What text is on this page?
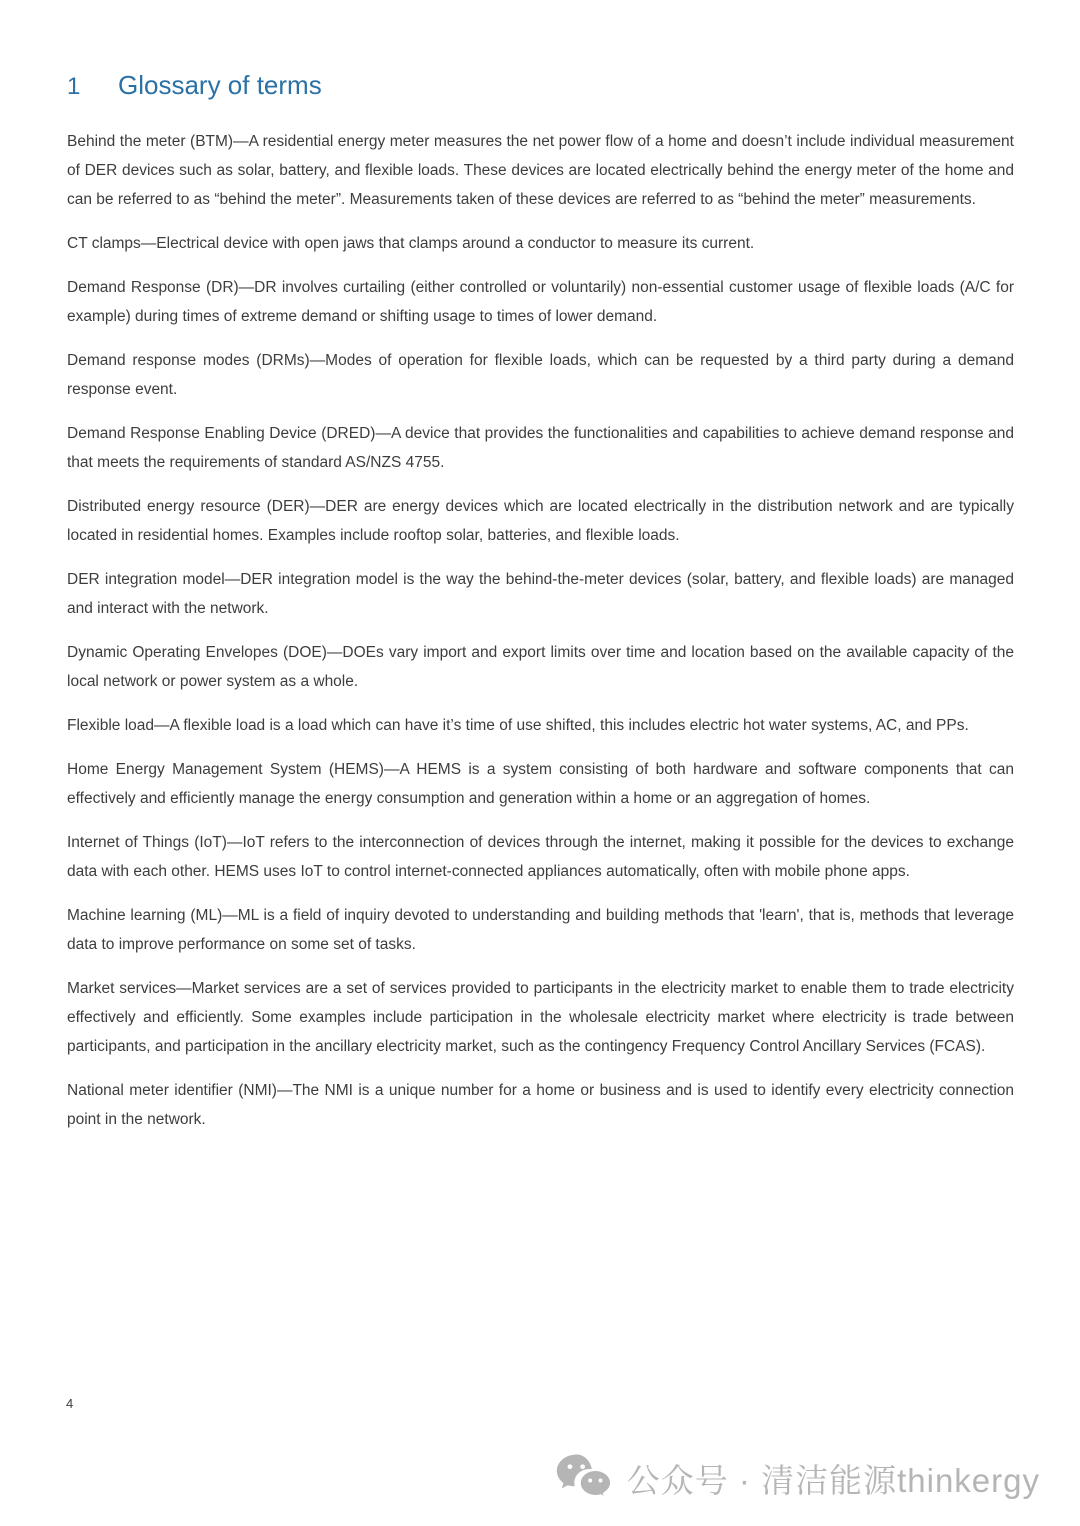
1	Glossary of terms

Behind the meter (BTM)—A residential energy meter measures the net power flow of a home and doesn’t include individual measurement of DER devices such as solar, battery, and flexible loads. These devices are located electrically behind the energy meter of the home and can be referred to as “behind the meter”. Measurements taken of these devices are referred to as “behind the meter” measurements.

CT clamps—Electrical device with open jaws that clamps around a conductor to measure its current.

Demand Response (DR)—DR involves curtailing (either controlled or voluntarily) non-essential customer usage of flexible loads (A/C for example) during times of extreme demand or shifting usage to times of lower demand.

Demand response modes (DRMs)—Modes of operation for flexible loads, which can be requested by a third party during a demand response event.

Demand Response Enabling Device (DRED)—A device that provides the functionalities and capabilities to achieve demand response and that meets the requirements of standard AS/NZS 4755.

Distributed energy resource (DER)—DER are energy devices which are located electrically in the distribution network and are typically located in residential homes. Examples include rooftop solar, batteries, and flexible loads.

DER integration model—DER integration model is the way the behind-the-meter devices (solar, battery, and flexible loads) are managed and interact with the network.

Dynamic Operating Envelopes (DOE)—DOEs vary import and export limits over time and location based on the available capacity of the local network or power system as a whole.

Flexible load—A flexible load is a load which can have it’s time of use shifted, this includes electric hot water systems, AC, and PPs.

Home Energy Management System (HEMS)—A HEMS is a system consisting of both hardware and software components that can effectively and efficiently manage the energy consumption and generation within a home or an aggregation of homes.

Internet of Things (IoT)—IoT refers to the interconnection of devices through the internet, making it possible for the devices to exchange data with each other. HEMS uses IoT to control internet-connected appliances automatically, often with mobile phone apps.

Machine learning (ML)—ML is a field of inquiry devoted to understanding and building methods that 'learn', that is, methods that leverage data to improve performance on some set of tasks.

Market services—Market services are a set of services provided to participants in the electricity market to enable them to trade electricity effectively and efficiently. Some examples include participation in the wholesale electricity market where electricity is trade between participants, and participation in the ancillary electricity market, such as the contingency Frequency Control Ancillary Services (FCAS).

National meter identifier (NMI)—The NMI is a unique number for a home or business and is used to identify every electricity connection point in the network.

4
公众号 · 清洁能源thinkergy
